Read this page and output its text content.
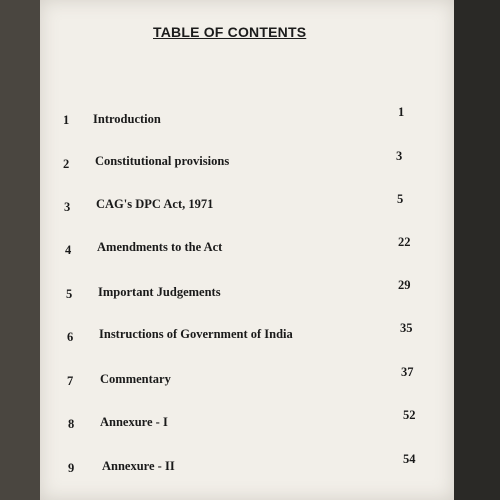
TABLE OF CONTENTS
1 Introduction	1
2 Constitutional provisions	3
3 CAG's DPC Act, 1971	5
4 Amendments to the Act	22
5 Important Judgements	29
6 Instructions of Government of India	35
7 Commentary	37
8 Annexure - I	52
9 Annexure - II	54
